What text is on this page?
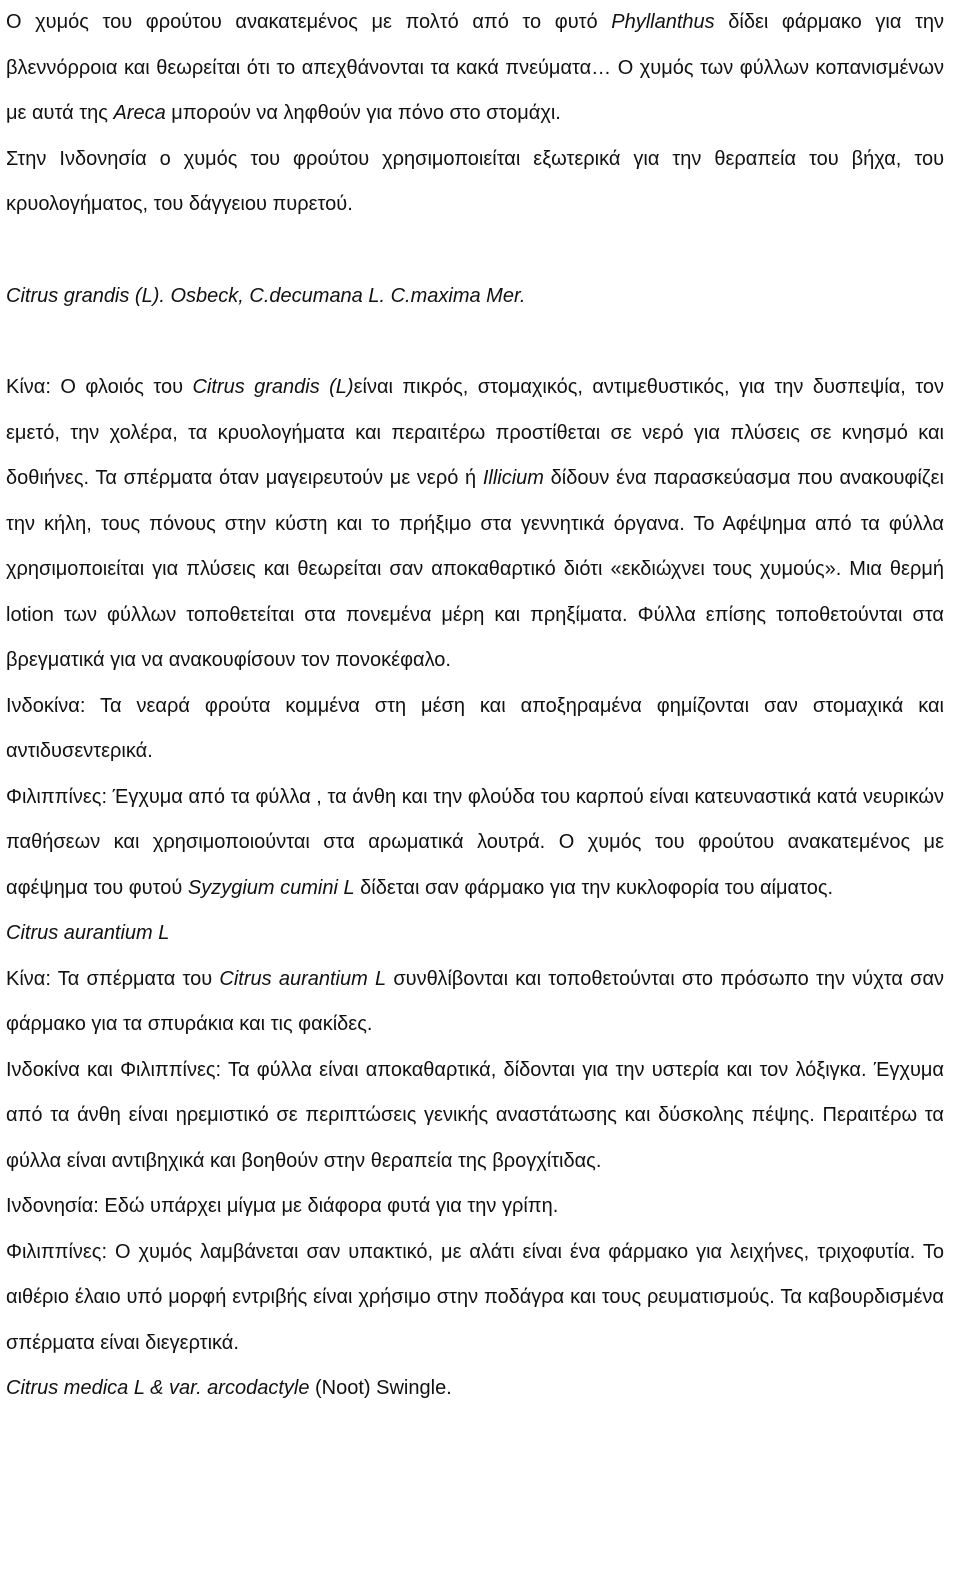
Ο χυμός του φρούτου ανακατεμένος με πολτό από το φυτό Phyllanthus δίδει φάρμακο για την βλεννόρροια και θεωρείται ότι το απεχθάνονται τα κακά πνεύματα… Ο χυμός των φύλλων κοπανισμένων με αυτά της Areca μπορούν να ληφθούν για πόνο στο στομάχι.

Στην Ινδονησία ο χυμός του φρούτου χρησιμοποιείται εξωτερικά για την θεραπεία του βήχα, του κρυολογήματος, του δάγγειου πυρετού.

Citrus grandis (L). Osbeck, C.decumana L. C.maxima Mer.

Κίνα: Ο φλοιός του Citrus grandis (L)είναι πικρός, στομαχικός, αντιμεθυστικός, για την δυσπεψία, τον εμετό, την χολέρα, τα κρυολογήματα και περαιτέρω προστίθεται σε νερό για πλύσεις σε κνησμό και δοθιήνες. Τα σπέρματα όταν μαγειρευτούν με νερό ή Illicium δίδουν ένα παρασκεύασμα που ανακουφίζει την κήλη, τους πόνους στην κύστη και το πρήξιμο στα γεννητικά όργανα. Το Αφέψημα από τα φύλλα χρησιμοποιείται για πλύσεις και θεωρείται σαν αποκαθαρτικό διότι «εκδιώχνει τους χυμούς». Μια θερμή lotion των φύλλων τοποθετείται στα πονεμένα μέρη και πρηξίματα. Φύλλα επίσης τοποθετούνται στα βρεγματικά για να ανακουφίσουν τον πονοκέφαλο.

Ινδοκίνα: Τα νεαρά φρούτα κομμένα στη μέση και αποξηραμένα φημίζονται σαν στομαχικά και αντιδυσεντερικά.

Φιλιππίνες: Έγχυμα από τα φύλλα , τα άνθη και την φλούδα του καρπού είναι κατευναστικά κατά νευρικών παθήσεων και χρησιμοποιούνται στα αρωματικά λουτρά. Ο χυμός του φρούτου ανακατεμένος με αφέψημα του φυτού Syzygium cumini L δίδεται σαν φάρμακο για την κυκλοφορία του αίματος.

Citrus aurantium L

Κίνα: Τα σπέρματα του Citrus aurantium L συνθλίβονται και τοποθετούνται στο πρόσωπο την νύχτα σαν φάρμακο για τα σπυράκια και τις φακίδες.

Ινδοκίνα και Φιλιππίνες: Τα φύλλα είναι αποκαθαρτικά, δίδονται για την υστερία και τον λόξιγκα. Έγχυμα από τα άνθη είναι ηρεμιστικό σε περιπτώσεις γενικής αναστάτωσης και δύσκολης πέψης. Περαιτέρω τα φύλλα είναι αντιβηχικά και βοηθούν στην θεραπεία της βρογχίτιδας.

Ινδονησία: Εδώ υπάρχει μίγμα με διάφορα φυτά για την γρίπη.

Φιλιππίνες: Ο χυμός λαμβάνεται σαν υπακτικό, με αλάτι είναι ένα φάρμακο για λειχήνες, τριχοφυτία. Το αιθέριο έλαιο υπό μορφή εντριβής είναι χρήσιμο στην ποδάγρα και τους ρευματισμούς. Τα καβουρδισμένα σπέρματα είναι διεγερτικά.

Citrus medica L & var. arcodactyle (Noot) Swingle.
